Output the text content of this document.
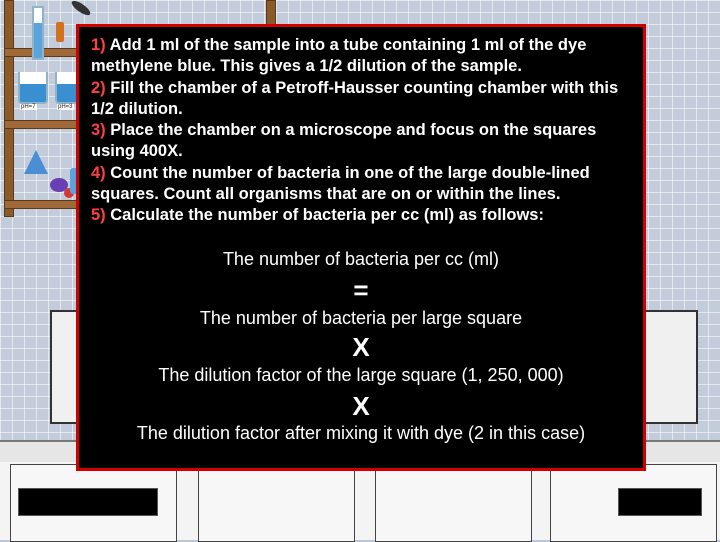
pH=7	pH=3
1) Add 1 ml of the sample into a tube containing 1 ml of the dye methylene blue. This gives a 1/2 dilution of the sample.
2) Fill the chamber of a Petroff-Hausser counting chamber with this 1/2 dilution.
3) Place the chamber on a microscope and focus on the squares using 400X.
4) Count the number of bacteria in one of the large double-lined squares. Count all organisms that are on or within the lines.
5) Calculate the number of bacteria per cc (ml) as follows:
The number of bacteria per cc (ml)
=
The number of bacteria per large square
X
The dilution factor of the large square (1, 250, 000)
X
The dilution factor after mixing it with dye (2 in this case)
